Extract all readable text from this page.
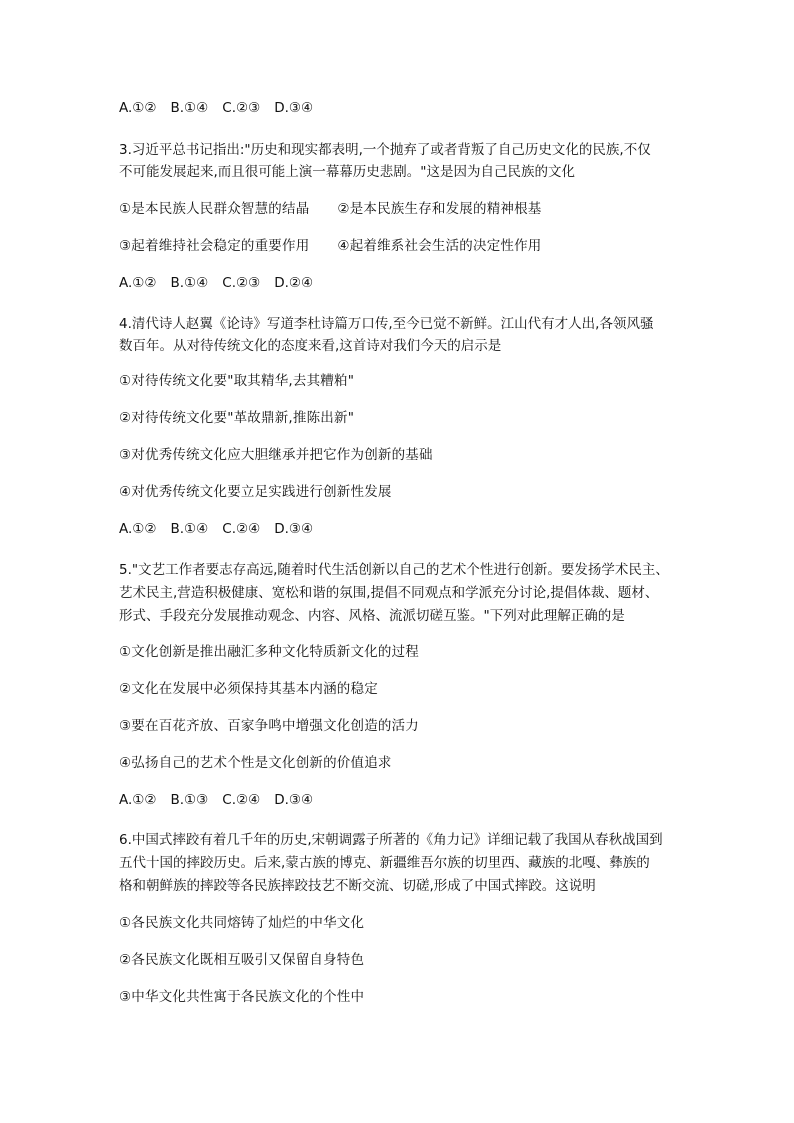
A.①② B.①④ C.②③ D.③④
3.习近平总书记指出:"历史和现实都表明,一个抛弃了或者背叛了自己历史文化的民族,不仅
不可能发展起来,而且很可能上演一幕幕历史悲剧。"这是因为自己民族的文化
①是本民族人民群众智慧的结晶 ②是本民族生存和发展的精神根基
③起着维持社会稳定的重要作用 ④起着维系社会生活的决定性作用
A.①② B.①④ C.②③ D.②④
4.清代诗人赵翼《论诗》写道李杜诗篇万口传,至今已觉不新鲜。江山代有才人出,各领风骚
数百年。从对待传统文化的态度来看,这首诗对我们今天的启示是
①对待传统文化要"取其精华,去其糟粕"
②对待传统文化要"革故鼎新,推陈出新"
③对优秀传统文化应大胆继承并把它作为创新的基础
④对优秀传统文化要立足实践进行创新性发展
A.①② B.①④ C.②④ D.③④
5."文艺工作者要志存高远,随着时代生活创新以自己的艺术个性进行创新。要发扬学术民主、
艺术民主,营造积极健康、宽松和谐的氛围,提倡不同观点和学派充分讨论,提倡体裁、题材、
形式、手段充分发展推动观念、内容、风格、流派切磋互鉴。"下列对此理解正确的是
①文化创新是推出融汇多种文化特质新文化的过程
②文化在发展中必须保持其基本内涵的稳定
③要在百花齐放、百家争鸣中增强文化创造的活力
④弘扬自己的艺术个性是文化创新的价值追求
A.①② B.①③ C.②④ D.③④
6.中国式摔跤有着几千年的历史,宋朝调露子所著的《角力记》详细记载了我国从春秋战国到
五代十国的摔跤历史。后来,蒙古族的博克、新疆维吾尔族的切里西、藏族的北嘎、彝族的
格和朝鲜族的摔跤等各民族摔跤技艺不断交流、切磋,形成了中国式摔跤。这说明
①各民族文化共同熔铸了灿烂的中华文化
②各民族文化既相互吸引又保留自身特色
③中华文化共性寓于各民族文化的个性中
